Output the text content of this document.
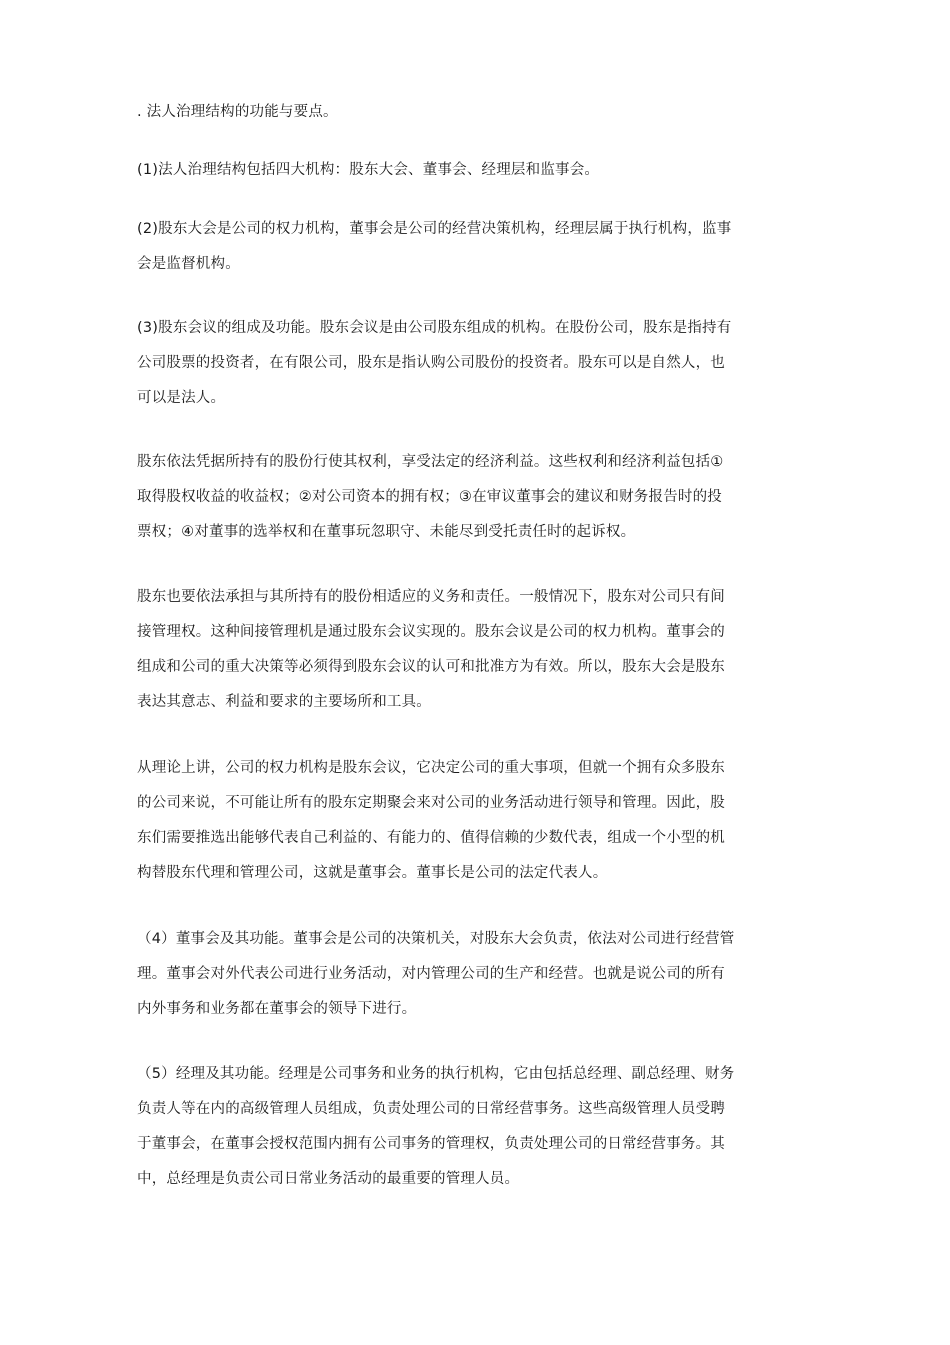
. 法人治理结构的功能与要点。
(1)法人治理结构包括四大机构：股东大会、董事会、经理层和监事会。
(2)股东大会是公司的权力机构，董事会是公司的经营决策机构，经理层属于执行机构，监事
会是监督机构。
(3)股东会议的组成及功能。股东会议是由公司股东组成的机构。在股份公司，股东是指持有
公司股票的投资者，在有限公司，股东是指认购公司股份的投资者。股东可以是自然人，也
可以是法人。
股东依法凭据所持有的股份行使其权利，享受法定的经济利益。这些权利和经济利益包括①
取得股权收益的收益权；②对公司资本的拥有权；③在审议董事会的建议和财务报告时的投
票权；④对董事的选举权和在董事玩忽职守、未能尽到受托责任时的起诉权。
股东也要依法承担与其所持有的股份相适应的义务和责任。一般情况下，股东对公司只有间
接管理权。这种间接管理机是通过股东会议实现的。股东会议是公司的权力机构。董事会的
组成和公司的重大决策等必须得到股东会议的认可和批准方为有效。所以，股东大会是股东
表达其意志、利益和要求的主要场所和工具。
从理论上讲，公司的权力机构是股东会议，它决定公司的重大事项，但就一个拥有众多股东
的公司来说，不可能让所有的股东定期聚会来对公司的业务活动进行领导和管理。因此，股
东们需要推选出能够代表自己利益的、有能力的、值得信赖的少数代表，组成一个小型的机
构替股东代理和管理公司，这就是董事会。董事长是公司的法定代表人。
（4）董事会及其功能。董事会是公司的决策机关，对股东大会负责，依法对公司进行经营管
理。董事会对外代表公司进行业务活动，对内管理公司的生产和经营。也就是说公司的所有
内外事务和业务都在董事会的领导下进行。
（5）经理及其功能。经理是公司事务和业务的执行机构，它由包括总经理、副总经理、财务
负责人等在内的高级管理人员组成，负责处理公司的日常经营事务。这些高级管理人员受聘
于董事会，在董事会授权范围内拥有公司事务的管理权，负责处理公司的日常经营事务。其
中，总经理是负责公司日常业务活动的最重要的管理人员。
